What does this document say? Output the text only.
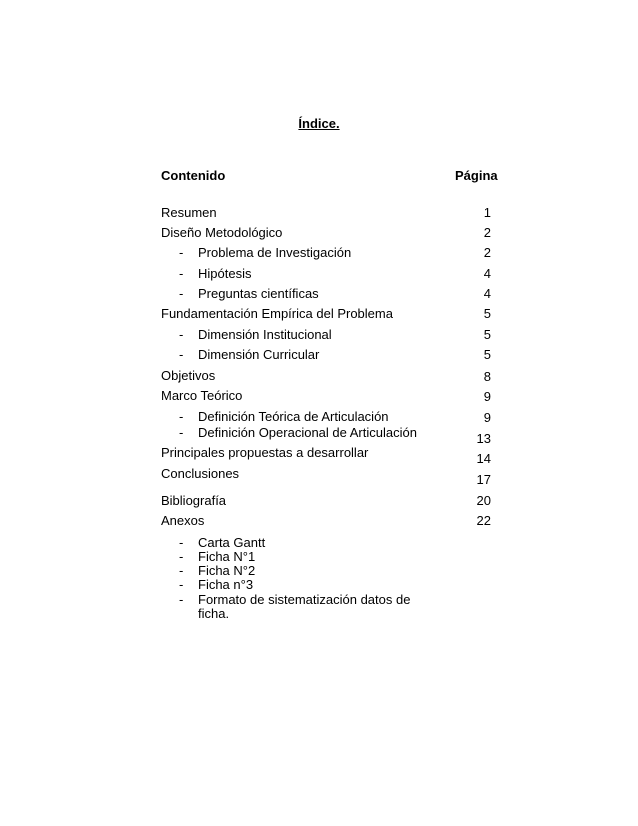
Índice.
Contenido	Página
Resumen	1
Diseño Metodológico	2
- Problema de Investigación	2
- Hipótesis	4
- Preguntas científicas	4
Fundamentación Empírica del Problema	5
- Dimensión Institucional	5
- Dimensión Curricular	5
Objetivos	8
Marco Teórico	9
- Definición Teórica de Articulación	9
- Definición Operacional de Articulación	13
Principales propuestas a desarrollar	14
Conclusiones	17
Bibliografía	20
Anexos	22
- Carta Gantt
- Ficha N°1
- Ficha N°2
- Ficha n°3
- Formato de sistematización datos de
ficha.
